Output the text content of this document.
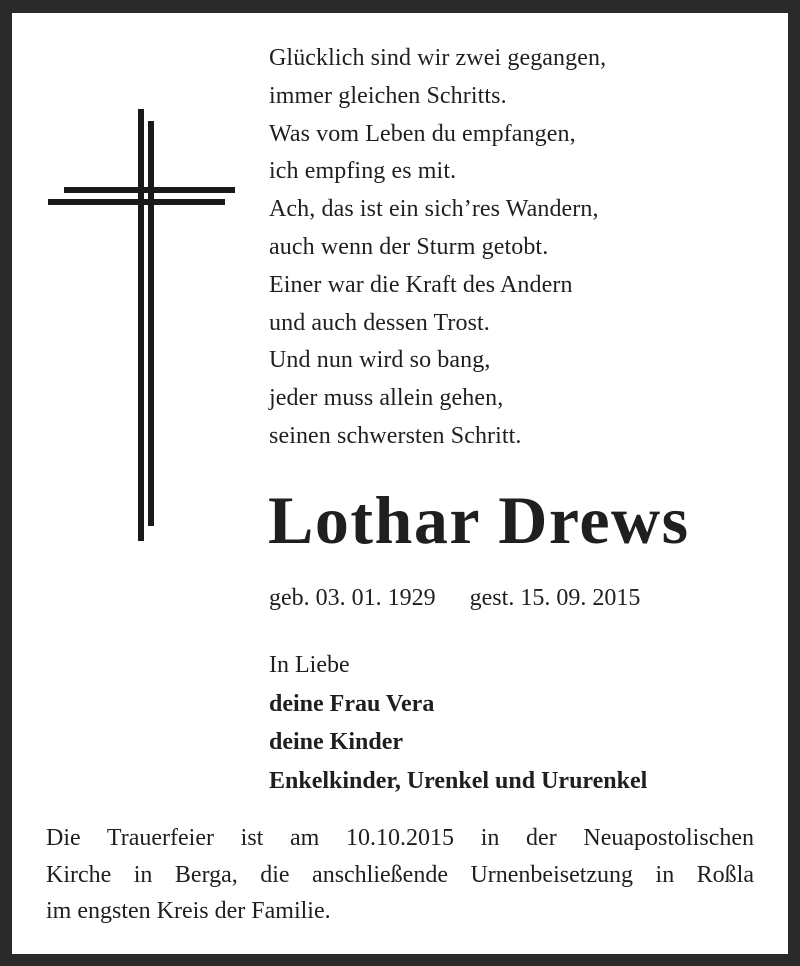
Glücklich sind wir zwei gegangen,
immer gleichen Schritts.
Was vom Leben du empfangen,
ich empfing es mit.
Ach, das ist ein sich’res Wandern,
auch wenn der Sturm getobt.
Einer war die Kraft des Andern
und auch dessen Trost.
Und nun wird so bang,
jeder muss allein gehen,
seinen schwersten Schritt.
Lothar Drews
geb. 03. 01. 1929 gest. 15. 09. 2015
In Liebe
deine Frau Vera
deine Kinder
Enkelkinder, Urenkel und Ururenkel
Die Trauerfeier ist am 10.10.2015 in der Neuapostolischen
Kirche in Berga, die anschließende Urnenbeisetzung in Roßla
im engsten Kreis der Familie.
